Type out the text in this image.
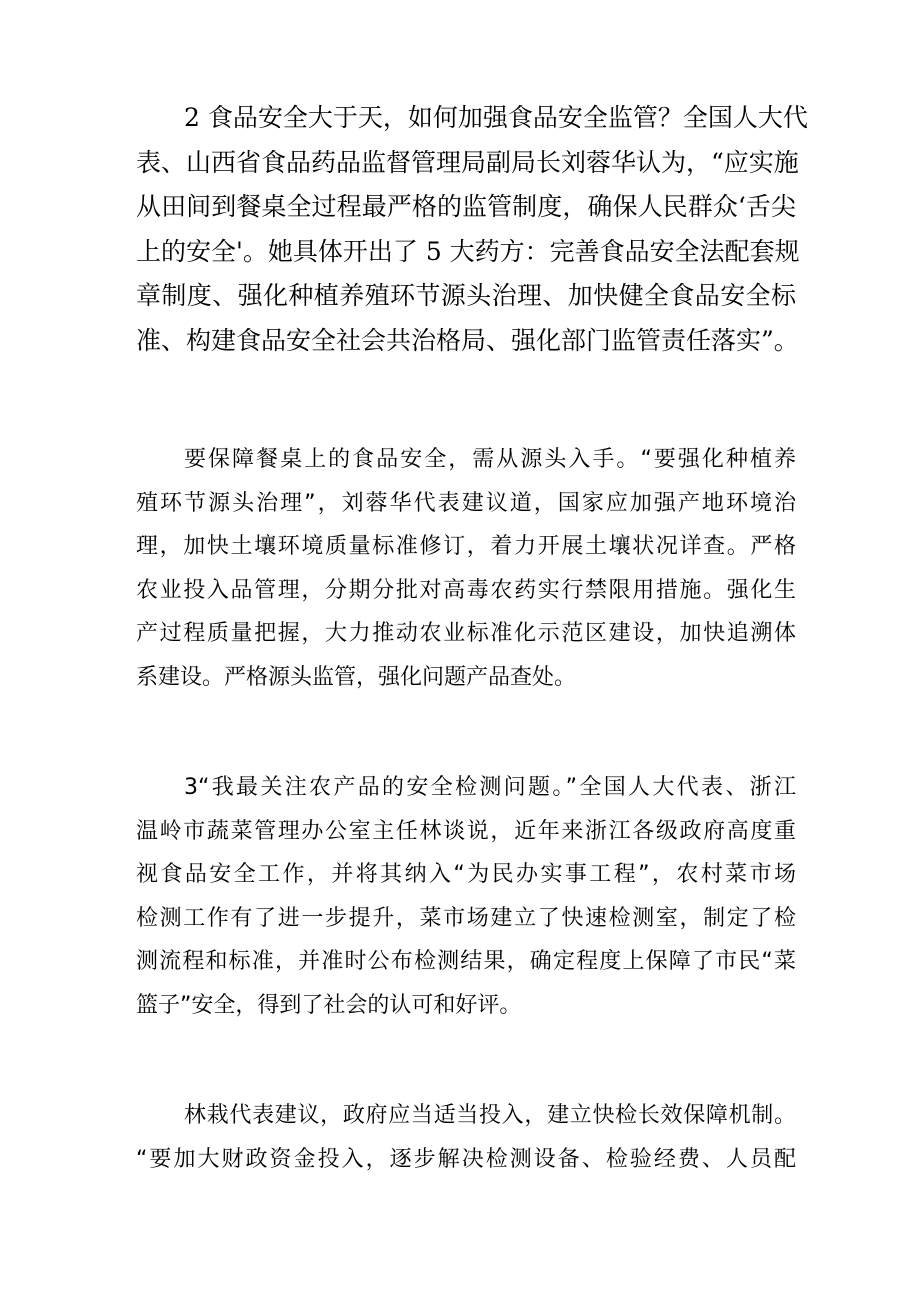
2 食品安全大于天，如何加强食品安全监管？全国人大代
表、山西省食品药品监督管理局副局长刘蓉华认为，“应实施
从田间到餐桌全过程最严格的监管制度，确保人民群众‘舌尖
上的安全'。她具体开出了 5 大药方：完善食品安全法配套规
章制度、强化种植养殖环节源头治理、加快健全食品安全标
准、构建食品安全社会共治格局、强化部门监管责任落实”。
要保障餐桌上的食品安全，需从源头入手。“要强化种植养
殖环节源头治理”，刘蓉华代表建议道，国家应加强产地环境治
理，加快土壤环境质量标准修订，着力开展土壤状况详查。严格
农业投入品管理，分期分批对高毒农药实行禁限用措施。强化生
产过程质量把握，大力推动农业标准化示范区建设，加快追溯体
系建设。严格源头监管，强化问题产品查处。
3“我最关注农产品的安全检测问题。”全国人大代表、浙江
温岭市蔬菜管理办公室主任林谈说，近年来浙江各级政府高度重
视食品安全工作，并将其纳入“为民办实事工程”，农村菜市场
检测工作有了进一步提升，菜市场建立了快速检测室，制定了检
测流程和标准，并准时公布检测结果，确定程度上保障了市民“菜
篮子”安全，得到了社会的认可和好评。
林栽代表建议，政府应当适当投入，建立快检长效保障机制。
“要加大财政资金投入，逐步解决检测设备、检验经费、人员配
